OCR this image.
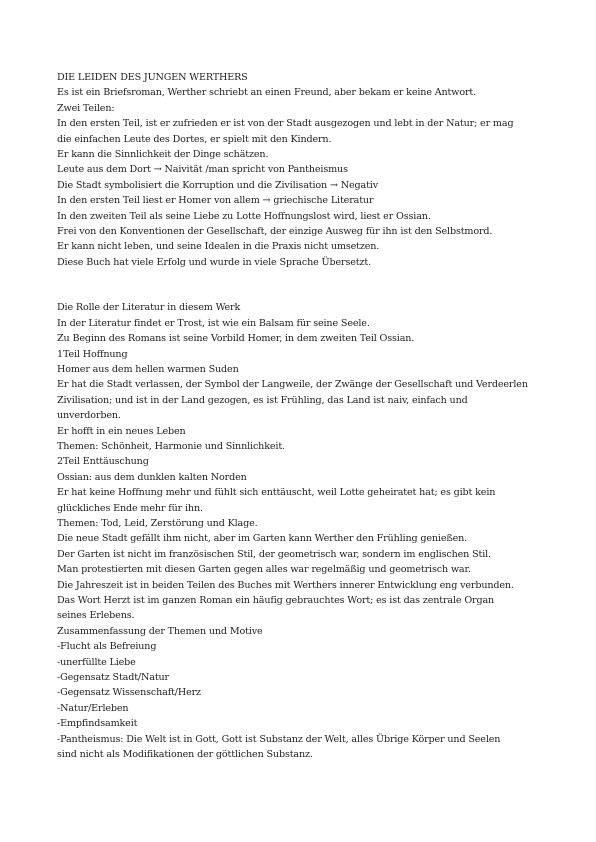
DIE LEIDEN DES JUNGEN WERTHERS
Es ist ein Briefsroman, Werther schriebt an einen Freund, aber bekam er keine Antwort.
Zwei Teilen:
In den ersten Teil, ist er zufrieden er ist von der Stadt ausgezogen und lebt in der Natur; er mag
die einfachen Leute des Dortes, er spielt mit den Kindern.
Er kann die Sinnlichkeit der Dinge schätzen.
Leute aus dem Dort → Naivität /man spricht von Pantheismus
Die Stadt symbolisiert die Korruption und die Zivilisation → Negativ
In den ersten Teil liest er Homer von allem → griechische Literatur
In den zweiten Teil als seine Liebe zu Lotte Hoffnungslost wird, liest er Ossian.
Frei von den Konventionen der Gesellschaft, der einzige Ausweg für ihn ist den Selbstmord.
Er kann nicht leben, und seine Idealen in die Praxis nicht umsetzen.
Diese Buch hat viele Erfolg und wurde in viele Sprache Übersetzt.
Die Rolle der Literatur in diesem Werk
In der Literatur findet er Trost, ist wie ein Balsam für seine Seele.
Zu Beginn des Romans ist seine Vorbild Homer, in dem zweiten Teil Ossian.
1Teil Hoffnung
Homer aus dem hellen warmen Suden
Er hat die Stadt verlassen, der Symbol der Langweile, der Zwänge der Gesellschaft und Verdeerlen
Zivilisation; und ist in der Land gezogen, es ist Frühling, das Land ist naiv, einfach und
unverdorben.
Er hofft in ein neues Leben
Themen: Schönheit, Harmonie und Sinnlichkeit.
2Teil Enttäuschung
Ossian: aus dem dunklen kalten Norden
Er hat keine Hoffnung mehr und fühlt sich enttäuscht, weil Lotte geheiratet hat; es gibt kein
glückliches Ende mehr für ihn.
Themen: Tod, Leid, Zerstörung und Klage.
Die neue Stadt gefällt ihm nicht, aber im Garten kann Werther den Frühling genießen.
Der Garten ist nicht im französischen Stil, der geometrisch war, sondern im englischen Stil.
Man protestierten mit diesen Garten gegen alles war regelmäßig und geometrisch war.
Die Jahreszeit ist in beiden Teilen des Buches mit Werthers innerer Entwicklung eng verbunden.
Das Wort Herzt ist im ganzen Roman ein häufig gebrauchtes Wort; es ist das zentrale Organ
seines Erlebens.
Zusammenfassung der Themen und Motive
-Flucht als Befreiung
-unerfüllte Liebe
-Gegensatz Stadt/Natur
-Gegensatz Wissenschaft/Herz
-Natur/Erleben
-Empfindsamkeit
-Pantheismus: Die Welt ist in Gott, Gott ist Substanz der Welt, alles Übrige Körper und Seelen
sind nicht als Modifikationen der göttlichen Substanz.
